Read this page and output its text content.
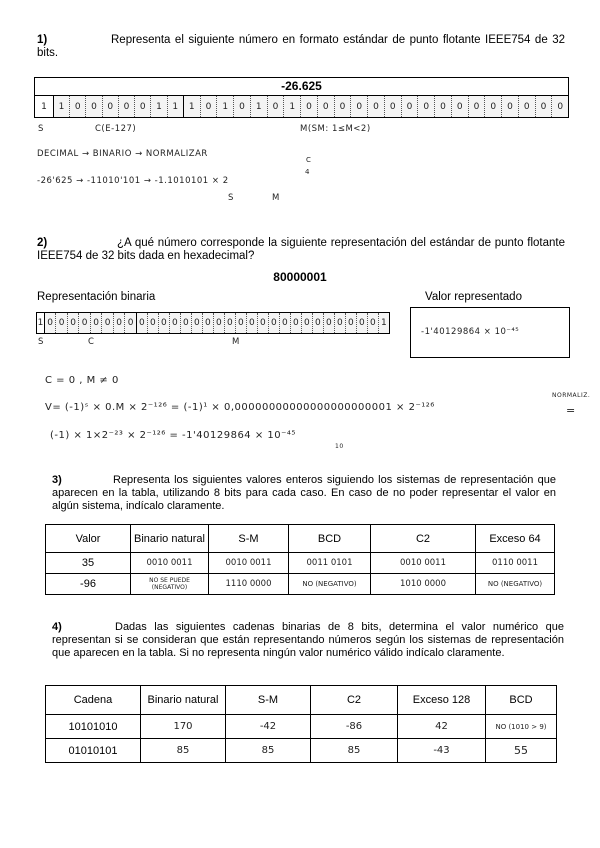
1)	Representa el siguiente número en formato estándar de punto flotante IEEE754 de 32 bits.
-26.625
1	1	0	0	0	0	0	1	1	1	0	1	0	1	0	1	0	0	0	0	0	0	0	0	0	0	0	0	0	0	0	0
S	C(E-127)	M(SM: 1≤M<2)
DECIMAL → BINARIO → NORMALIZAR
-26'625 → -11010'101 → -1.1010101 × 2
4
C
S	M
2)	¿A qué número corresponde la siguiente representación del estándar de punto flotante IEEE754 de 32 bits dada en hexadecimal?
80000001
Representación binaria	Valor representado
1 0 0 0 0 0 0 0 0 0 0 0 0 0 0 0 0 0 0 0 0 0 0 0 0 0 0 0 0 0 0 1
-1'40129864 × 10⁻⁴⁵
S	C	M
C = 0 , M ≠ 0
V= (-1)ˢ × 0.M × 2⁻¹²⁶ = (-1)¹ × 0,00000000000000000000001 × 2⁻¹²⁶
NORMALIZ.
=
(-1) × 1×2⁻²³ × 2⁻¹²⁶ = -1'40129864 × 10⁻⁴⁵
10
3)	Representa los siguientes valores enteros siguiendo los sistemas de representación que aparecen en la tabla, utilizando 8 bits para cada caso. En caso de no poder representar el valor en algún sistema, indícalo claramente.
Valor	Binario natural	S-M	BCD	C2	Exceso 64
35	0010 0011	0010 0011	0011 0101	0010 0011	0110 0011
-96	NO SE PUEDE (NEGATIVO)	1110 0000	NO (NEGATIVO)	1010 0000	NO (NEGATIVO)
4)	Dadas las siguientes cadenas binarias de 8 bits, determina el valor numérico que representan si se consideran que están representando números según los sistemas de representación que aparecen en la tabla. Si no representa ningún valor numérico válido indícalo claramente.
Cadena	Binario natural	S-M	C2	Exceso 128	BCD
10101010	170	-42	-86	42	NO (1010 > 9)
01010101	85	85	85	-43	55
